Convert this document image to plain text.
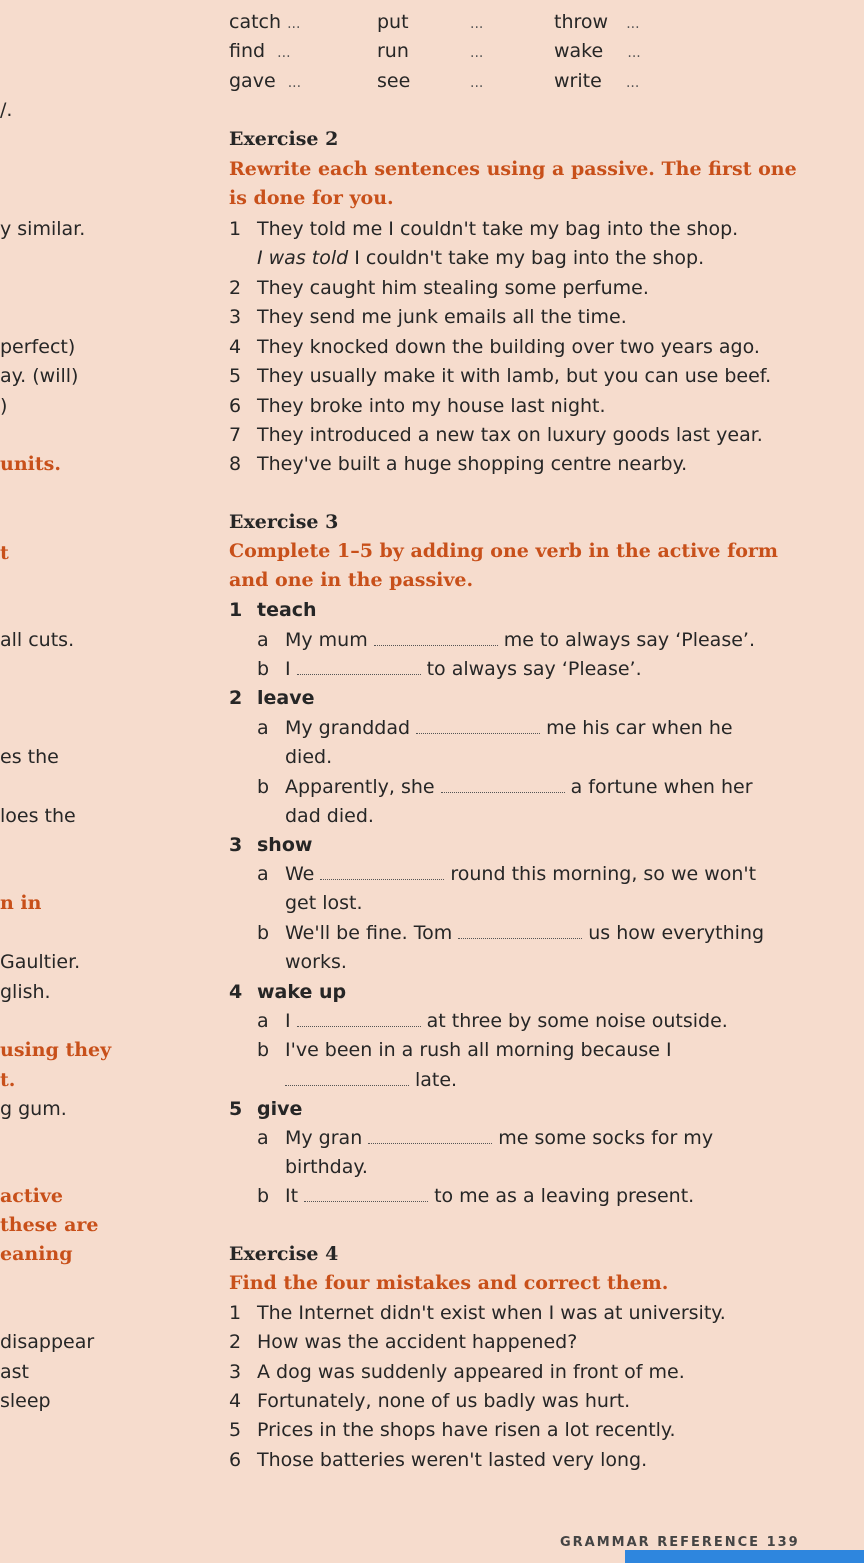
catch ...	put	...	throw ...
find ...	run	...	wake ...
gave ...	see	...	write ...
/.
y similar.
perfect)
ay. (will)
)
units.
t
all cuts.
es the
loes the
n in
Gaultier.
glish.
using they
t.
g gum.
active
these are
eaning
disappear
ast
sleep
Exercise 2
Rewrite each sentences using a passive. The first one
is done for you.
1 They told me I couldn't take my bag into the shop.
I was told I couldn't take my bag into the shop.
2 They caught him stealing some perfume.
3 They send me junk emails all the time.
4 They knocked down the building over two years ago.
5 They usually make it with lamb, but you can use beef.
6 They broke into my house last night.
7 They introduced a new tax on luxury goods last year.
8 They've built a huge shopping centre nearby.
Exercise 3
Complete 1–5 by adding one verb in the active form
and one in the passive.
1 teach
a My mum	me to always say ‘Please’.
b I	to always say ‘Please’.
2 leave
a My granddad	me his car when he
died.
b Apparently, she	a fortune when her
dad died.
3 show
a We	round this morning, so we won't
get lost.
b We'll be fine. Tom	us how everything
works.
4 wake up
a I	at three by some noise outside.
b I've been in a rush all morning because I
late.
5 give
a My gran	me some socks for my
birthday.
b It	to me as a leaving present.
Exercise 4
Find the four mistakes and correct them.
1 The Internet didn't exist when I was at university.
2 How was the accident happened?
3 A dog was suddenly appeared in front of me.
4 Fortunately, none of us badly was hurt.
5 Prices in the shops have risen a lot recently.
6 Those batteries weren't lasted very long.
GRAMMAR REFERENCE 139
